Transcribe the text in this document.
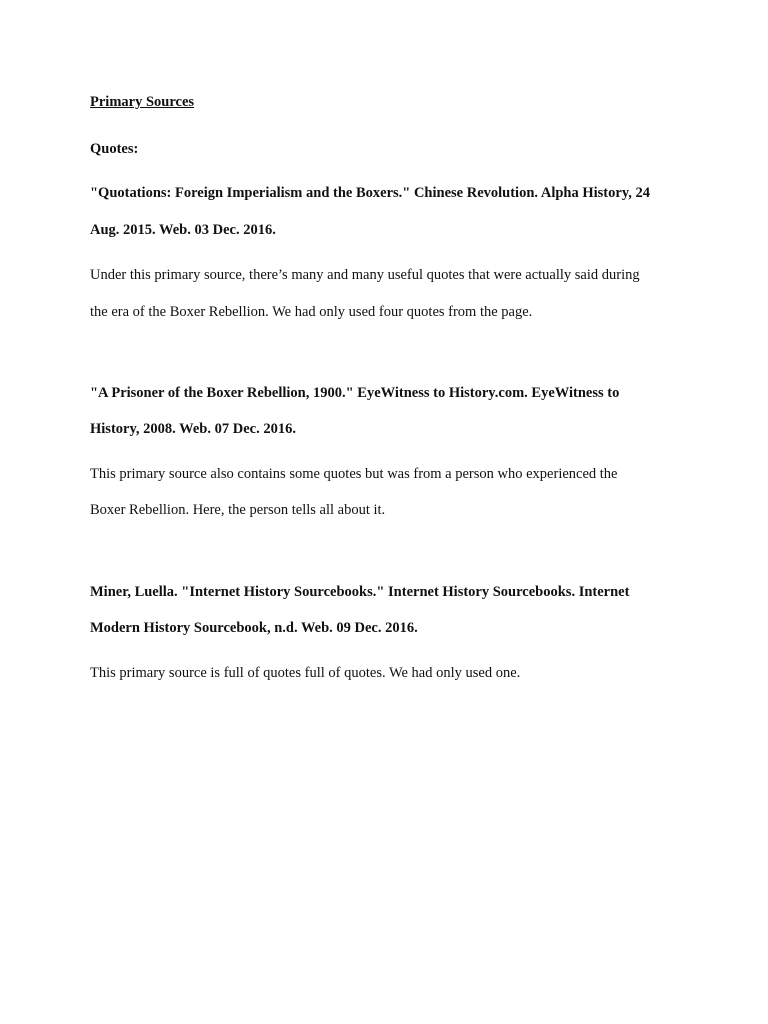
Primary Sources
Quotes:
"Quotations: Foreign Imperialism and the Boxers." Chinese Revolution. Alpha History, 24
Aug. 2015. Web. 03 Dec. 2016.
Under this primary source, there’s many and many useful quotes that were actually said during
the era of the Boxer Rebellion. We had only used four quotes from the page.
"A Prisoner of the Boxer Rebellion, 1900." EyeWitness to History.com. EyeWitness to
History, 2008. Web. 07 Dec. 2016.
This primary source also contains some quotes but was from a person who experienced the
Boxer Rebellion. Here, the person tells all about it.
Miner, Luella. "Internet History Sourcebooks." Internet History Sourcebooks. Internet
Modern History Sourcebook, n.d. Web. 09 Dec. 2016.
This primary source is full of quotes full of quotes. We had only used one.
